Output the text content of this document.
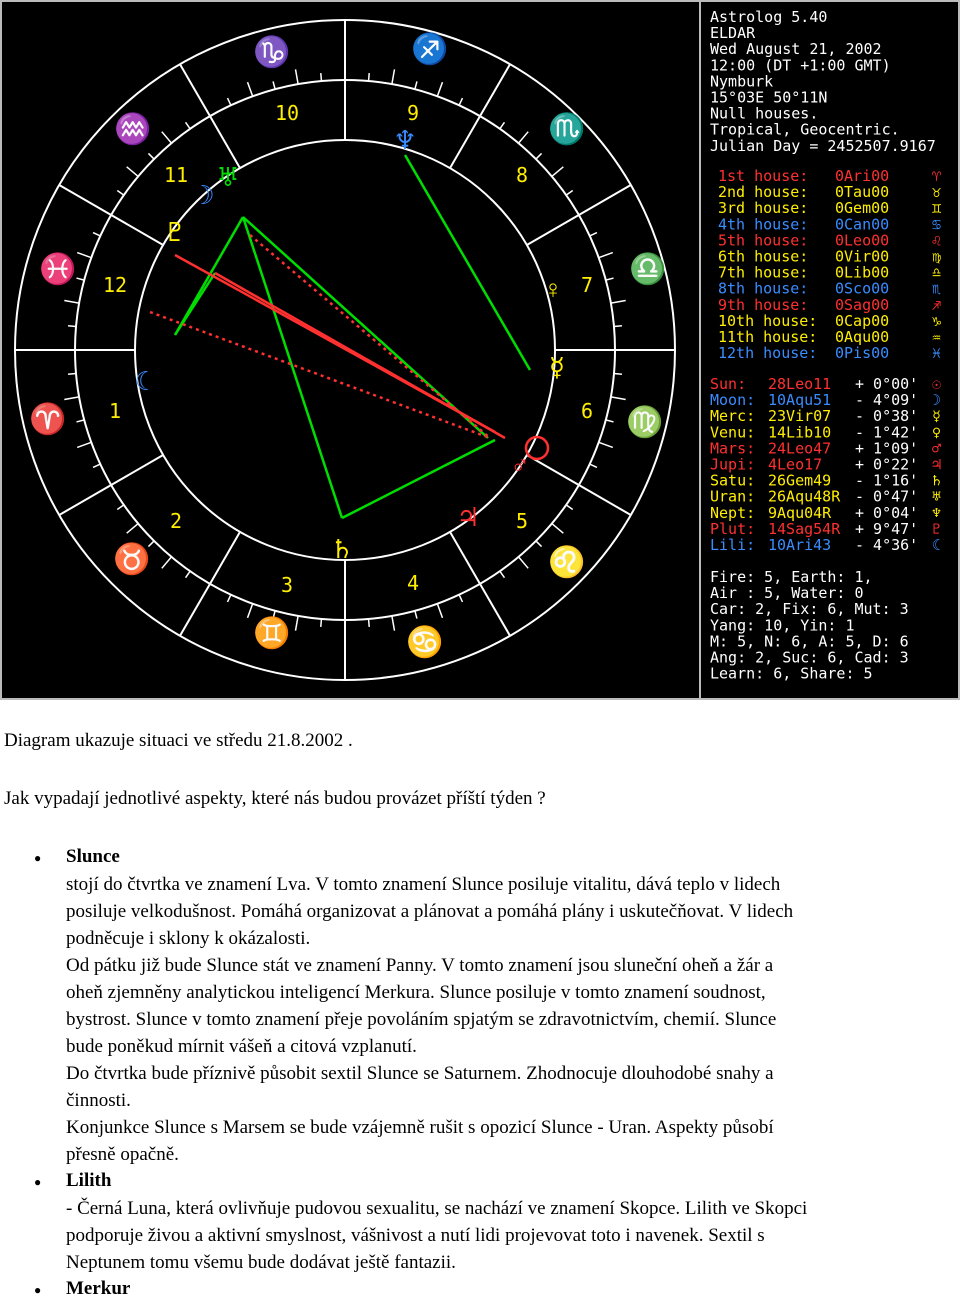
♈
♉
♊	♋
♌
♍
♎
♏
♐
♑
♒
♓
1
2
3	4
5
6
7
8
9
10
11
12
☽
♅
♆
♀
☿
♂
♃
♄
☾
♇
Astrolog 5.40
ELDAR
Wed August 21, 2002
12:00 (DT +1:00 GMT)
Nymburk
15°03E 50°11N
Null houses.
Tropical, Geocentric.
Julian Day = 2452507.9167
1st house: 0Ari00	♈
2nd house: 0Tau00	♉
3rd house: 0Gem00	♊
4th house: 0Can00	♋
5th house: 0Leo00	♌
6th house: 0Vir00	♍
7th house: 0Lib00	♎
8th house: 0Sco00	♏
9th house: 0Sag00	♐
10th house: 0Cap00	♑
11th house: 0Aqu00	♒
12th house: 0Pis00	♓
Sun: 28Leo11 + 0°00' ☉
Moon: 10Aqu51 - 4°09' ☽
Merc: 23Vir07 - 0°38' ☿
Venu: 14Lib10 - 1°42' ♀
Mars: 24Leo47 + 1°09' ♂
Jupi: 4Leo17 + 0°22' ♃
Satu: 26Gem49 - 1°16' ♄
Uran: 26Aqu48R - 0°47' ♅
Nept: 9Aqu04R + 0°04' ♆
Plut: 14Sag54R + 9°47' ♇
Lili: 10Ari43 - 4°36' ☾
Fire: 5, Earth: 1,
Air : 5, Water: 0
Car: 2, Fix: 6, Mut: 3
Yang: 10, Yin: 1
M: 5, N: 6, A: 5, D: 6
Ang: 2, Suc: 6, Cad: 3
Learn: 6, Share: 5
Diagram ukazuje situaci ve středu 21.8.2002 .
Jak vypadají jednotlivé aspekty, které nás budou provázet příští týden ?
● Slunce
stojí do čtvrtka ve znamení Lva. V tomto znamení Slunce posiluje vitalitu, dává teplo v lidech
posiluje velkodušnost. Pomáhá organizovat a plánovat a pomáhá plány i uskutečňovat. V lidech
podněcuje i sklony k okázalosti.
Od pátku již bude Slunce stát ve znamení Panny. V tomto znamení jsou sluneční oheň a žár a
oheň zjemněny analytickou inteligencí Merkura. Slunce posiluje v tomto znamení soudnost,
bystrost. Slunce v tomto znamení přeje povoláním spjatým se zdravotnictvím, chemií. Slunce
bude poněkud mírnit vášeň a citová vzplanutí.
Do čtvrtka bude příznivě působit sextil Slunce se Saturnem. Zhodnocuje dlouhodobé snahy a
činnosti.
Konjunkce Slunce s Marsem se bude vzájemně rušit s opozicí Slunce - Uran. Aspekty působí
přesně opačně.
● Lilith
- Černá Luna, která ovlivňuje pudovou sexualitu, se nachází ve znamení Skopce. Lilith ve Skopci
podporuje živou a aktivní smyslnost, vášnivost a nutí lidi projevovat toto i navenek. Sextil s
Neptunem tomu všemu bude dodávat ještě fantazii.
● Merkur
